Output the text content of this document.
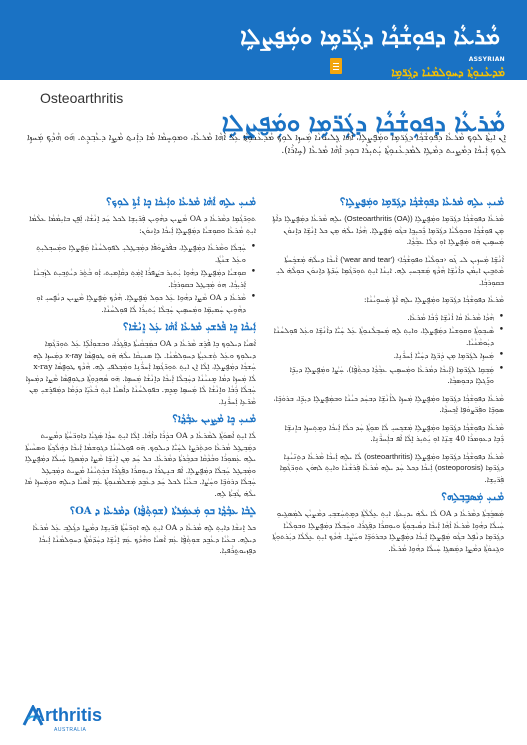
ܡܵܪܥܵܐ ܕܦܘܼܫܵܟ݂ܵܐ ܕܓܲܪ̈ܡܹܐ ܘܡܲܦ̮ܨܠܹܐ
ASSYRIAN
ܡܵܕܥܵܢܘܼܬ݂ܵܐ ܕܚܘܼܠܡܵܢܵܐ ܕܓܲܪ̈ܡܹܐ
Osteoarthritis
ܡܵܪܥܵܐ ܕܦܘܼܫܵܟ݂ܵܐ ܕܓܲܪ̈ܡܹܐ ܘܡܲܦ̮ܨܠܹܐ
ܐܸܢ ܐܝܼܬ݂ܵܐ ܠܘܼܟ݂ ܡܵܪܥܵܐ ܕܦܘܼܫܵܟ݂ܵܐ ܕܓܲܪ̈ܡܹܐ ܘܡܲܦ̮ܨܠܹܐ، ܐܵܗܵܐ ܓܸܠܝܘܿܢܵܐ ܡܲܚܙܹܐ ܠܘܼܟ݂ ܡܵܕܥܵܢܘܼܬ݂ܵܐ ܥܲܠ ܐܵܗܵܐ ܡܵܪܥܵܐ، ܘܡܘܼܚܸܡܵܐ ܡܵܐ ܕܐܲܢ̱ܬ ܡܵܨܹܐ ܕܥܵܒ݂ܕܹܬ. ܗ݇ܘ ܗܵܕܵܟ݂ ܡܲܚܙܹܐ ܠܘܼܟ݂ ܐܲܝܟܵܐ ܕܡܵܨܹܝܬ ܕܡܵܛܹܐ ܠܡܵܕܥܵܢܘܼܬ݂ܵܐ ܝܲܬܝܼܪܵܐ ܒܘܼܕ ܐܵܗܵܐ ܡܵܪܥܵܐ (ܚܹܐܪܵܐ).
ܡܵܢܝܼ ܝܠܹܗ ܡܵܪܥܵܐ ܕܦܘܼܫܵܟ݂ܵܐ ܕܓܲܪ̈ܡܹܐ ܘܡܲܦ̮ܨܠܹܐ؟
ܡܵܪܥܵܐ ܕܦܘܼܫܵܟ݂ܵܐ ܕܓܲܪ̈ܡܹܐ ܘܡܲܦ̮ܨܠܹܐ (Osteoarthritis (OA)) ܝܠܹܗ ܡܵܪܥܵܐ ܕܡܲܦ̮ܨܠܹܐ ܕܐܵܬܹܐ ܡ̣ܢ ܦܘܼܫܵܟ݂ܵܐ ܘܒܘܼܠܵܝܵܐ ܕܓܲܪ̈ܡܹܐ ܪ̈ܲܟܝܼܟ݂ܹܐ ܒܓܵܘ ܡܲܦ̮ܨܠܹܐ. ܗܵܕܵܐ ܝܠܵܗ̇ ܡ̣ܢ ܟܠ ܐܸܢܵܫܹ̈ܐ ܕܐܸܢܘܿܢ ܡܲܚܣܹܝܢ ܗ݇ܘ ܡܲܦ̮ܨܠܹܐ ܐܘܼ ܕܠܵܐ ܥܒ݂ܵܕ݂ܵܐ.
ܐܵܢܵܫܹ̈ܐ ܡܲܚܙܹܝܢ ܠܝ ܓ݇ܘ ‹ܒܘܼܠܵܝܵܐ ܘܦܘܼܫܵܟ݂ܵܐ› ('wear and tear') ܐܵܝܟܵܐ ܕܝܠܵܗ̇ ܡܲܫܟ݂ܲܚܬܵܐ ܡܵܬܒ݂ܹܝܢ ܐܝܼܡܵܢ ܕܐܵܢܵܫܹ̈ܐ ܗܵܕܵܟ݂ ܡܲܫܟ݂ܚܝܼ ܠܹܗ. ܐܝܼܢܵܐ ܐܝܼܬ݂ ܬܘܼܪ̈ܓܵܡܹܐ ܚܲܕ̈ܬܹܐ ܕܐܸܢܘܿܢ ܟܘܼܠܵܗ̇ ܠܝܼ ܒܩܘܼܪܒ݂ܵܐ.
ܡܵܪܥܵܐ ܕܦܘܼܫܵܟ݂ܵܐ ܕܓܲܪ̈ܡܹܐ ܘܡܲܦ̮ܨܠܹܐ ܝܠܹܗ ܐܵܬܹܐ ܡܲܚܘܸܝܵܢܵܐ:
• ܗܵܕܵܐ ܡܵܪܥܵܐ ܩܵܐ ܐܵܢܵܫܹ̈ܐ ܪ̈ܲܒܵܐ ܡܵܪܥܵܐ.
• ܣܵܝܒ݂ܘܼܬ݂ܵܐ ܘܩܘܼܫܝܵܐ ܕܡܲܦ̮ܨܠܹܐ، ܘܐܝܼܬ݂ ܠܹܗ ܡܲܚܒ݂ܠܵܢܘܼܬ݂ܵܐ ܥܲܠ ܚܲܝ̈ܵܐ ܕܐܵܢܵܫܹ̈ܐ ܘܥܲܠ ܦܘܼܠܚܵܢܵܐ ܕܝܲܘܡܵܢܵܝܵܐ.
• ܡܲܚܙܹܐ ܠܓܲܪ̈ܡܹܐ ܡ̣ܢ ܕܲܪ̈ܓܹܐ ܕܚܲܝ̈ܵܐ ܐܲܚܪ̈ܵܢܹܐ.
• ܡܲܒ݂ܩܹܐ ܠܓܲܪ̈ܡܹܐ (ܐܲܝܟܵܐ ܕܡܵܪܥܵܐ ܘܡܲܚܣܹܝܢ ܥܒ݂ܵܕ݂ܵܐ ܕܟܬ݂ܵܦ̮ܵܐ)، ܚܲܨܵܐ ܘܡܲܦ̮ܨܠܹܐ ܕܝܼܕܹ̈ܐ ܘܪܸ̈ܓܠܹܐ ܕܒܘܼܣܒ݂ܵܐ.
ܡܵܪܥܵܐ ܕܦܘܼܫܵܟ݂ܵܐ ܕܓܲܪ̈ܡܹܐ ܘܡܲܦ̮ܨܠܹܐ ܡܲܚܙܹܐ ܠܐܵܢܵܫܹ̈ܐ ܕܒܚܲܕ ܟܝܵܢܵܐ ܘܒܡܲܦ̮ܨܠܹܐ ܕܝܼܕܹ̈ܐ، ܒܪܘܿܟܹ̈ܐ، ܣܘܼܟܹ̈ܐ ܘܦܲܪ̈ܨܘܿܦܹܐ ܐܲܟ݂ܚܕ݂ܵܐ.
ܡܵܪܥܵܐ ܕܦܘܼܫܵܟ݂ܵܐ ܕܓܲܪ̈ܡܹܐ ܘܡܲܦ̮ܨܠܹܐ ܡܲܫܟ݂ܚܝܼ ܠܵܐ ܡܘܼܬ݂ܵܐ ܚܲܕ ܟܠܵܐ ܐܲܝܟܵܐ ܕܡܸܬ݂ܚܙܹܐ ܒܐܸܢܫܹ̈ܐ ܪ̈ܲܒܹܐ ܕܥܘܼܡܪܵܐ 40 ܫܸܢܹ̈ܐ ܐܘܼ ܝܲܬܝܼܪ ܐܸܠܵܐ ܐܵܦ ܒܐܲܚܪ̈ܵܢܹܐ.
ܡܵܪܥܵܐ ܕܦܘܼܫܵܟ݂ܵܐ ܕܓܲܪ̈ܡܹܐ ܘܡܲܦ̮ܨܠܹܐ (osteoarthritis) ܠܵܐ ܝܠܹܗ ܐܲܝܟܵܐ ܡܵܪܥܵܐ ܕܬܸܢ̈ܝܵܢܹܐ ܕܓܲܪ̈ܡܹܐ (osteoporosis) ܐܲܝܟܵܐ ܕܟܠ ܚܲܕ ܝܠܹܗ ܡܵܪܥܵܐ ܦܲܪܫܵܢܵܐ ܘܐܝܼܬ݂ ܠܗܘܿܢ ܬܘܼܪ̈ܓܵܡܹܐ ܦܲܪ̈ܝܼܫܹܐ.
ܡܵܢܝܼ ܡܲܣܒ݂ܸܒ݂ܠܹܗ؟
ܡܲܣܒ݂ܲܒ݂ܬܵܐ ܕܡܵܪܥܵܐ ܕ OA ܠܵܐ ܝܠܵܗ̇ ܝܕܝܼܥܬܵܐ. ܐܝܼܬ݂ ܥܸܠܵܠܵܬ݂ܵܐ ܕܡܸܬ݂ܚܲܫܒ݂ܝܼ ܕܡܵܨܝܵܢ ܠܡܲܣܓܸܝܘܼ ܚܲܝܠܵܐ ܕܗܵܘܹܐ ܡܵܪܥܵܐ ܐܵܗܵܐ ܐܲܝܟܵܐ ܕܣܵܝܒ݂ܘܼܬ݂ܵܐ ܘܝܘܼܩܪܵܐ ܕܦܲܓ݂ܪܵܐ، ܘܚܲܒ݂ܠܵܐ ܕܡܲܦ̮ܨܠܹܐ ܘܒܘܼܠܵܝܵܐ ܕܓܲܪ̈ܡܹܐ ܕܢܵܦܹܠ ܒܓܵܘ ܡܲܦ̮ܨܠܹܐ ܐܲܝܟܵܐ ܕܡܲܦ̮ܨܠܹܐ ܕܒܪܘܿܟܹ̈ܐ ܘܚܲܨܵܐ. ܗܵܕܵܟ݂ ܐܝܼܬ݂ ܥܸܠܵܠܵܐ ܕܝܲܪܬܘܼܬ݂ܵܐ ܘܓܹܢܘܿܬ݂ܵܐ ܕܡܵܨܹܐ ܕܡܲܣܓܹܐ ܚܲܝܠܵܐ ܕܗܵܘܹܐ ܡܵܪܥܵܐ.
ܡܵܢܝܼ ܝܠܹܗ ܐܵܗܵܐ ܡܵܪܥܵܐ ܘܐܲܝܟܵܐ ܟܸܐ ܐܵܬܹܐ ܠܘܼܟ݂؟
ܬܘܼܪ̈ܓܵܡܹܐ ܕܡܵܪܥܵܐ ܕ OA ܡܵܨܹܝܢ ܕܗܵܘܹܝܢ ܦܲܪ̈ܝܼܫܹܐ ܠܟܠ ܚܲܕ ܐܸܢܵܫܵܐ، ܐܲܦܸܢ ܒܐܝܼܡܵܡܵܐ ܥܠܵܡܵܐ ܐܝܼܬ݂ ܡܵܪܥܵܐ ܘܩܘܼܫܝܵܐ ܕܡܲܦ̮ܨܠܹܐ ܐܲܝܟܵܐ ܕܐܸܢܘܿܢ:
• ܚܲܒ݂ܠܵܐ ܘܡܵܪܥܵܐ ܕܡܲܦ̮ܨܠܹܐ، ܒܦܵܪܨܘܿܦܵܐ ܕܡܲܒ݂ܛܹܠܝܼ ܠܦܘܼܠܚܵܢܵܐ ܡܲܦ̮ܨܠܹܐ ܘܡܲܚܒ݂ܠܝܼܬ݂ ܘܥܲܠ ܫܢܵܬ݂ܵܐ.
• ܩܘܼܫܝܵܐ ܕܡܲܦ̮ܨܠܹܐ ܕܗܵܘܹܐ ܝܲܬܝܼܪ ܒܨܲܦܪܵܐ ܐܸܡܲܬ݂ ܕܩܵܐܹܡܝܼܬ، ܐܲܘ ܒܵܬ݂ܲܪ ܕܝܵܬܹܒ݂ܝܼܬ ܠܙܲܒ݂ܢܵܐ ܐܲܪܝܼܟ݂ܵܐ. ܗܘܿ ܡܲܒ݂ܛܹܠ ܒܩܘܼܪܒ݂ܵܐ.
• ܡܵܪܥܵܐ ܕ OA ܡܵܨܹܐ ܕܗܵܘܹܐ ܥܲܠ ܟܘܼܠ ܡܲܦ̮ܨܠܹܐ. ܗܵܕܵܟ݂ ܡܲܦ̮ܨܠܹܐ ܡܵܨܹܝܢ ܕܢܵܦ̮ܚܝܼ ܐܘܼ ܕܗܵܘܹܝܢ ܚܲܡܝܼܡܹ̈ܐ ܘܡܲܚܣܹܝܢ ܚܲܒ݂ܠܵܐ ܝܲܬܝܼܪܵܐ ܠܵܐ ܦܘܼܠܚܵܢܵܐ.
ܐܲܝܟܵܐ ܟܸܐ ܦܵܪܫܝܼ ܡܵܪܥܵܐ ܐܵܗܵܐ ܥܲܠ ܐܸܢܵܫܵܐ؟
ܐܵܣܝܵܐ ܕܝܠܘܼܟ݂ ܟܸܐ ܦܵܪܸܫ ܡܵܪܥܵܐ ܕ OA ܒܡܲܒ݂ܩܵܝܬܵܐ ܕܦܲܓ݂ܪܵܐ، ܘܒܫܘܼܐܵܠܹ̈ܐ ܥܲܠ ܬܘܼܪ̈ܓܵܡܹܐ ܕܝܠܘܼܟ݂ ܘܥܲܠ ܬܲܫܥܝܼܬ݂ܵܐ ܕܚܘܼܠܡܵܢܵܐ. ܠܹܐ ܣܢܝܼܩܵܐ ܝܠܵܗ̇ ܗ݇ܘ ܛܘܼܦ̮ܣܵܐ x-ray ܕܡܲܚܙܹܐ ܠܹܗ ܚܲܫܟ݂ܵܐ ܕܡܲܦ̮ܨܠܹܐ، ܐܸܠܵܐ ܐܸܢ ܐܝܼܬ݂ ܬܘܼܪ̈ܓܵܡܹܐ ܐܲܚܪ̈ܵܢܹܐ ܘܡܲܟ݂ܠܦܝܼ ܠܹܗ. ܗܵܕܵܟ݂ ܛܘܼܦ̮ܣܵܐ x-ray ܠܵܐ ܡܲܚܙܹܐ ܕܡܵܐ ܡܸܢܝܵܢܵܐ ܕܚܲܒ݂ܠܵܐ ܐܲܝܟܵܐ ܕܐܸܢܵܫܵܐ ܡܲܚܣܹܐ. ܗ݇ܘ ܣܵܗܕ݂ܘܼܬ݂ܵܐ ܕܛܘܼܦ̮ܣܵܐ ܡܵܨܹܐ ܕܡܲܚܙܹܐ ܚܲܒ݂ܠܵܐ ܪܲܒܵܐ ܘܐܸܢܵܫܵܐ ܠܵܐ ܡܲܚܣܹܐ ܡܸܕܸܡ. ܒܦܘܼܠܚܵܢܵܐ ܕܐܵܣܝܵܐ ܐܝܼܬ݂ ܒܵܥܵܝܹ̈ܐ ܕܕܲܡܵܐ ܕܡܲܦܪܸܫܝܼ ܡ̣ܢ ܡܵܪ̈ܥܹܐ ܐܲܚܪ̈ܵܢܹܐ.
ܡܵܢܝܼ ܟܸܐ ܡܵܨܹܝܢ ܥܒ݂ܵܕ݂ܵܐ؟
ܠܵܐ ܐܝܼܬ݂ ܐܵܣܘܿܬ݂ܵܐ ܠܡܵܪܥܵܐ ܕ OA ܒܕܲܪܵܐ ܕܐܵܗܵܐ. ܐܸܠܵܐ ܐܝܼܬ݂ ܚܕ݂ܵܐ ܣܲܓ݂ܝܵܐ ܕܐܘܼܪ̈ܚܵܬ݂ܵܐ ܕܡܵܨܹܝܬ ܕܡܲܒ݂ܛܹܠ ܡܵܪܥܵܐ ܘܕܬܲܪܨܹܐ ܠܚܲܝ̈ܵܐ ܕܝܠܘܼܟ݂. ܗ݇ܘ ܦܘܼܠܚܵܢܵܐ ܕܓܘܼܫܡܵܐ ܐܲܝܟܵܐ ܕܗܲܠܵܟ݂ܬܵܐ ܘܣܚܵܝܬܵܐ ܝܠܹܗ ܥܲܡܘܼܪܵܐ ܘܒܵܕܵܩܵܐ ܒܕܒ݂ܵܪܬܵܐ ܕܡܵܪܥܵܐ. ܟܠ ܚܲܕ ܡ̣ܢ ܐܸܢܵܫܹ̈ܐ ܡܵܨܹܐ ܕܡܲܣܓܹܐ ܚܲܝܠܵܐ ܕܡܲܦ̮ܨܠܹܐ ܘܡܲܒ݂ܛܸܠ ܚܲܒ݂ܠܵܐ ܕܡܲܦ̮ܨܠܹܐ. ܐܵܦ ܒܢܸܛܪܵܐ ܕܝܘܼܩܪܵܐ ܕܦܲܓ݂ܪܵܐ ܒܟܲܬ݂ܝܵܢܵܐ ܡܵܨܹܝܬ ܕܡܲܒ݂ܛܹܠ ܚܲܒ݂ܠܵܐ ܕܪܘܿܟܹ̈ܐ ܘܚܲܨܵܐ. ܒܥܵܝܵܐ ܠܟܠ ܚܲܕ ܕܥܵܒ݂ܸܕ ܡܲܫܠܡܵܢܘܼܬ݂ܵܐ ܥܲܡ ܐܵܣܝܵܐ ܕܝܠܹܗ ܘܕܡܲܚܙܹܐ ܡܵܐ ܝܠܵܗ̇ ܛܵܒ݂ܬܵܐ ܠܹܗ.
ܠܸܒܵܐ ܥܒ݂ܵܕ݂ܵܐ ܒܘܼ ܡܲܥܡܲܪܬܵܐ (ܫܘܼܬ݂ܵܦ̮ܵܐ) ܕܡܵܪܥܵܐ ܕ OA؟
ܟܠ ܐܸܢܫܵܐ ܕܐܝܼܬ݂ ܠܹܗ ܡܵܪܥܵܐ ܕ OA ܐܝܼܬ݂ ܠܹܗ ܐܘܼܪ̈ܚܵܬ݂ܵܐ ܦܲܪ̈ܝܼܫܹܐ ܕܡܵܨܹܐ ܕܓ݂ܵܠܹܒ݂ ܥܲܠ ܡܵܪܥܵܐ ܕܝܠܹܗ. ܒܥܵܝܵܐ ܕܥܵܒ݂ܸܕ ܫܘܼܬ݂ܵܦ̮ܵܐ ܥܲܡ ܐܵܣܝܵܐ ܘܗܵܕܵܟ݂ ܥܲܡ ܐܸܢܵܫܹ̈ܐ ܕܚܲܕ̈ܡܵܬ݂ܵܐ ܕܚܘܼܠܡܵܢܵܐ ܐܲܝܟܵܐ ܕܦܸܙܝܘܬ݂ܹܪܵܦܝܼܐ.
Arthritis
AUSTRALIA
